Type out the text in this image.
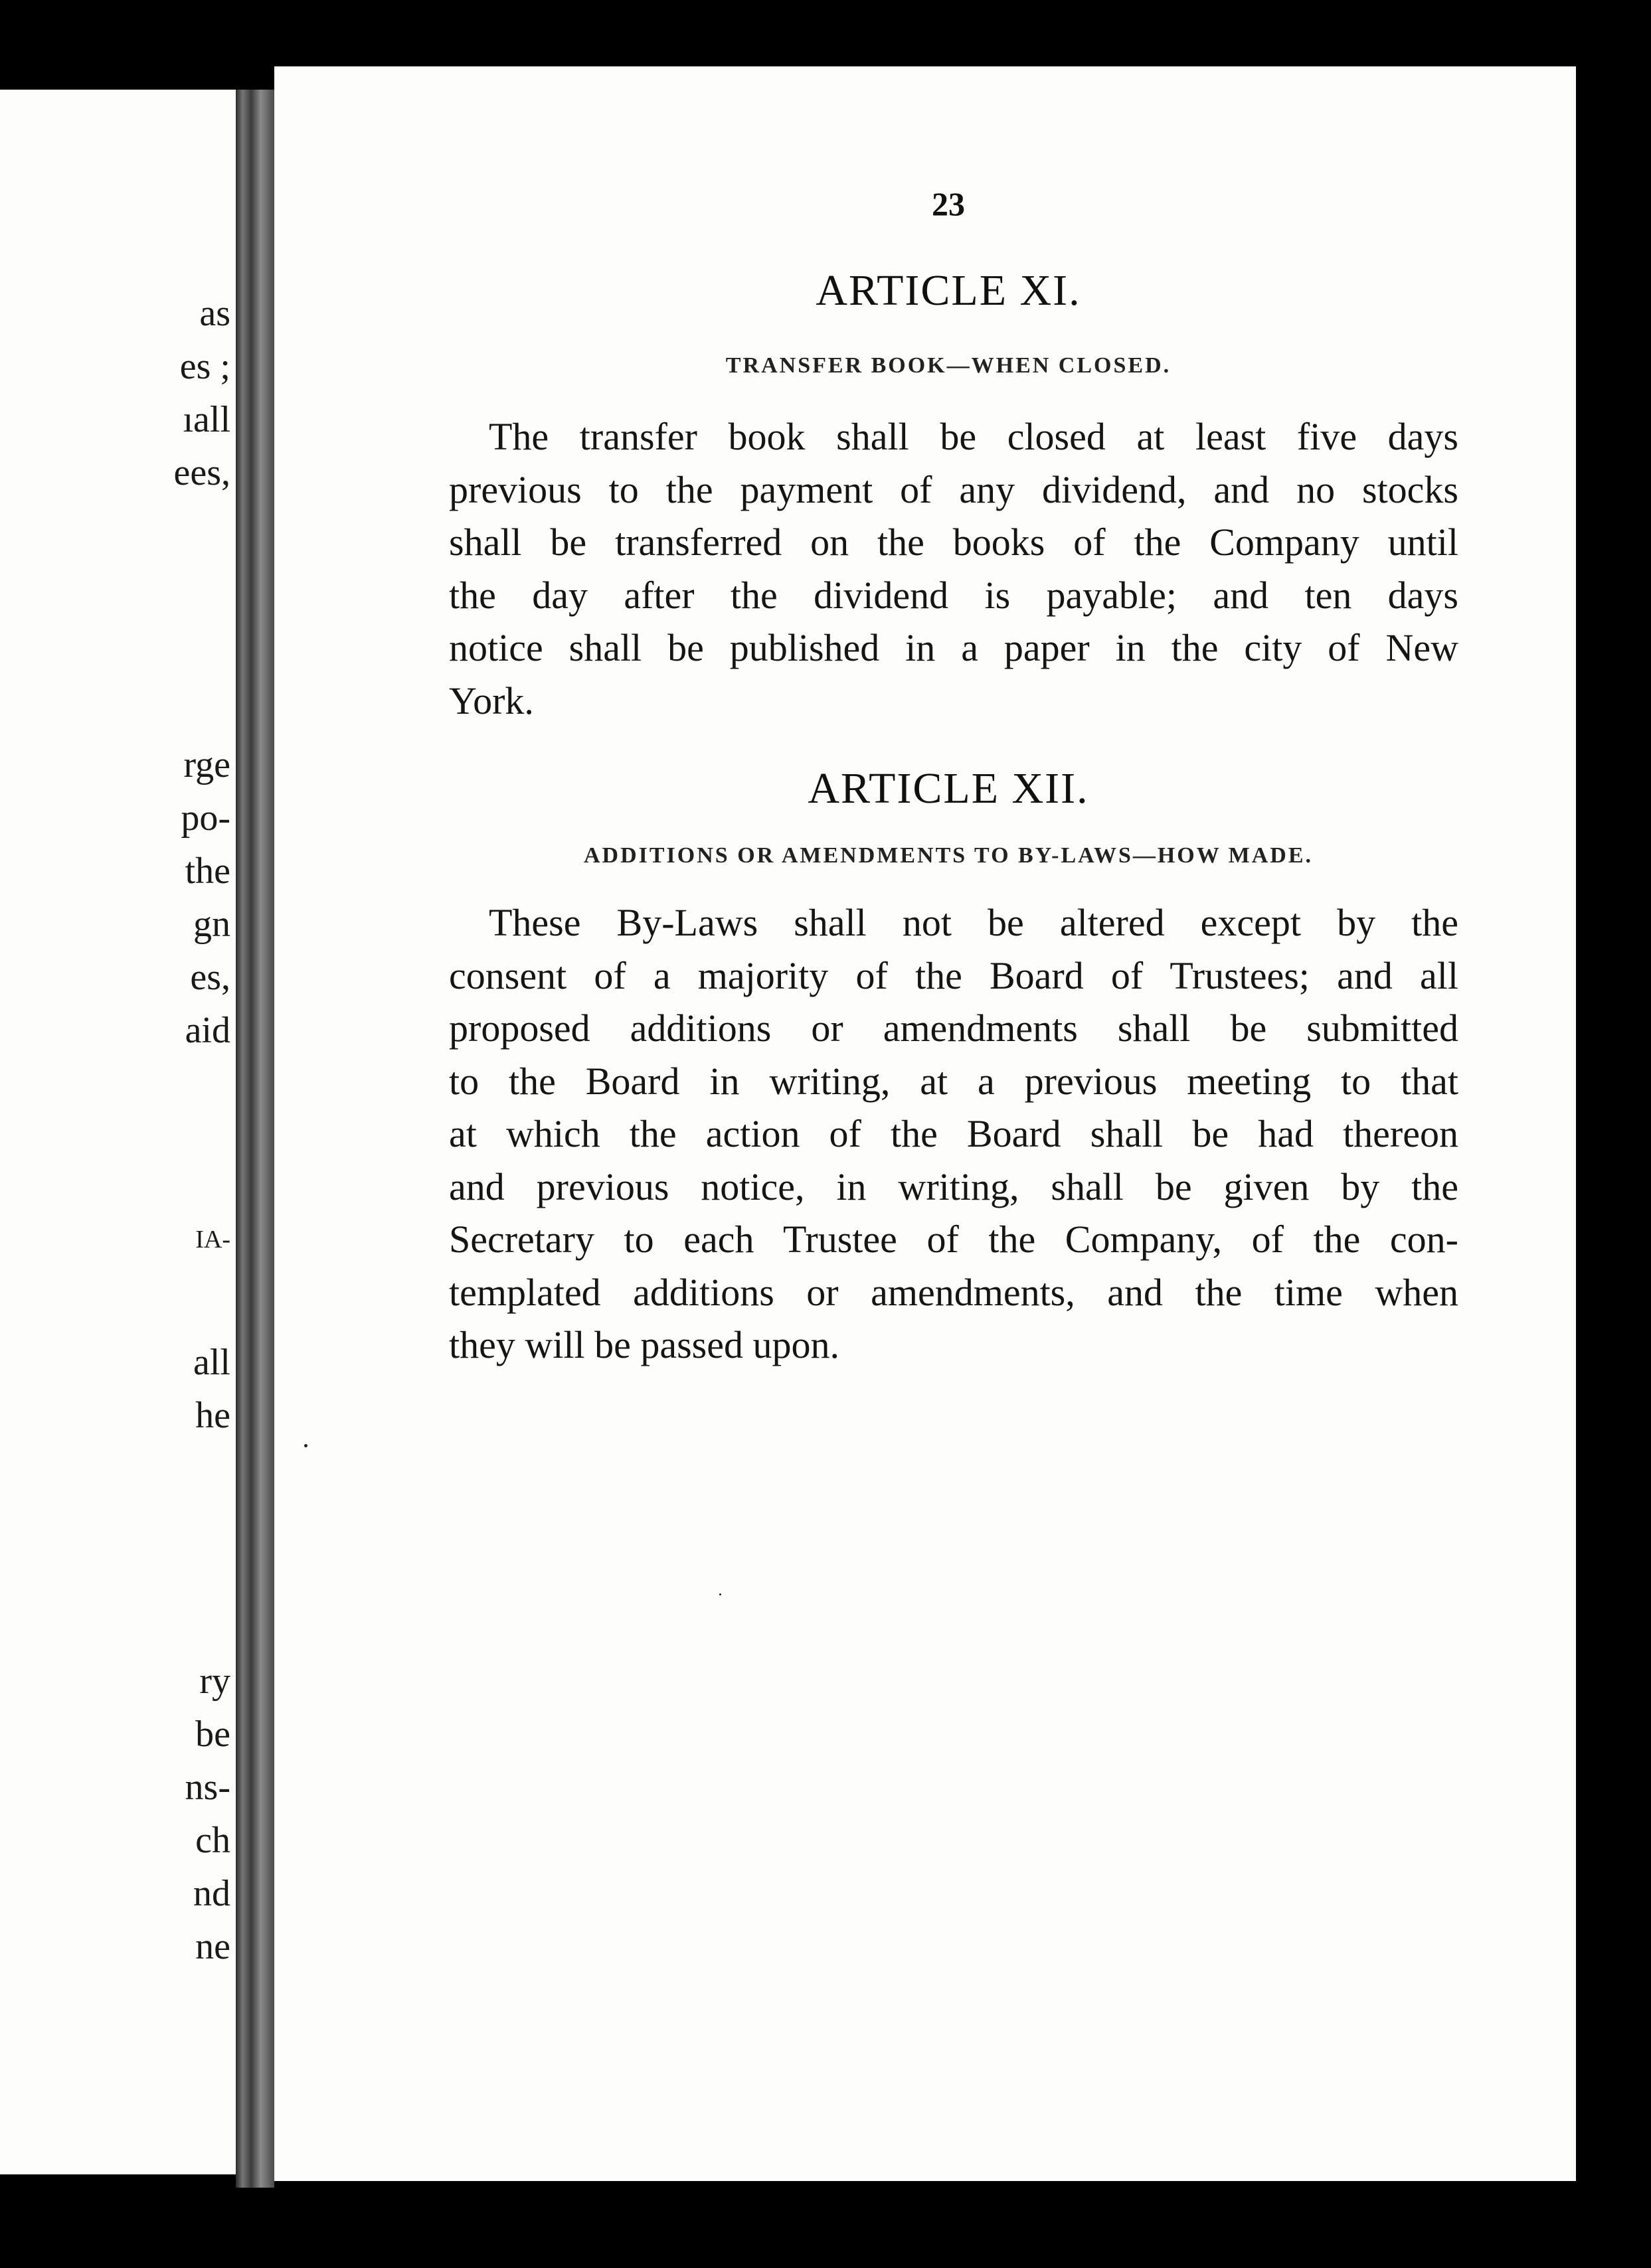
as
es ;
ıall
ees,
rge
po-
the
gn
es,
aid
IA-
all
he
ry
be
ns-
ch
nd
ne
23
ARTICLE XI.
TRANSFER BOOK—WHEN CLOSED.
The transfer book shall be closed at least five days
previous to the payment of any dividend, and no stocks
shall be transferred on the books of the Company until
the day after the dividend is payable; and ten days
notice shall be published in a paper in the city of New
York.
ARTICLE XII.
ADDITIONS OR AMENDMENTS TO BY-LAWS—HOW MADE.
These By-Laws shall not be altered except by the
consent of a majority of the Board of Trustees; and all
proposed additions or amendments shall be submitted
to the Board in writing, at a previous meeting to that
at which the action of the Board shall be had thereon
and previous notice, in writing, shall be given by the
Secretary to each Trustee of the Company, of the con-
templated additions or amendments, and the time when
they will be passed upon.
